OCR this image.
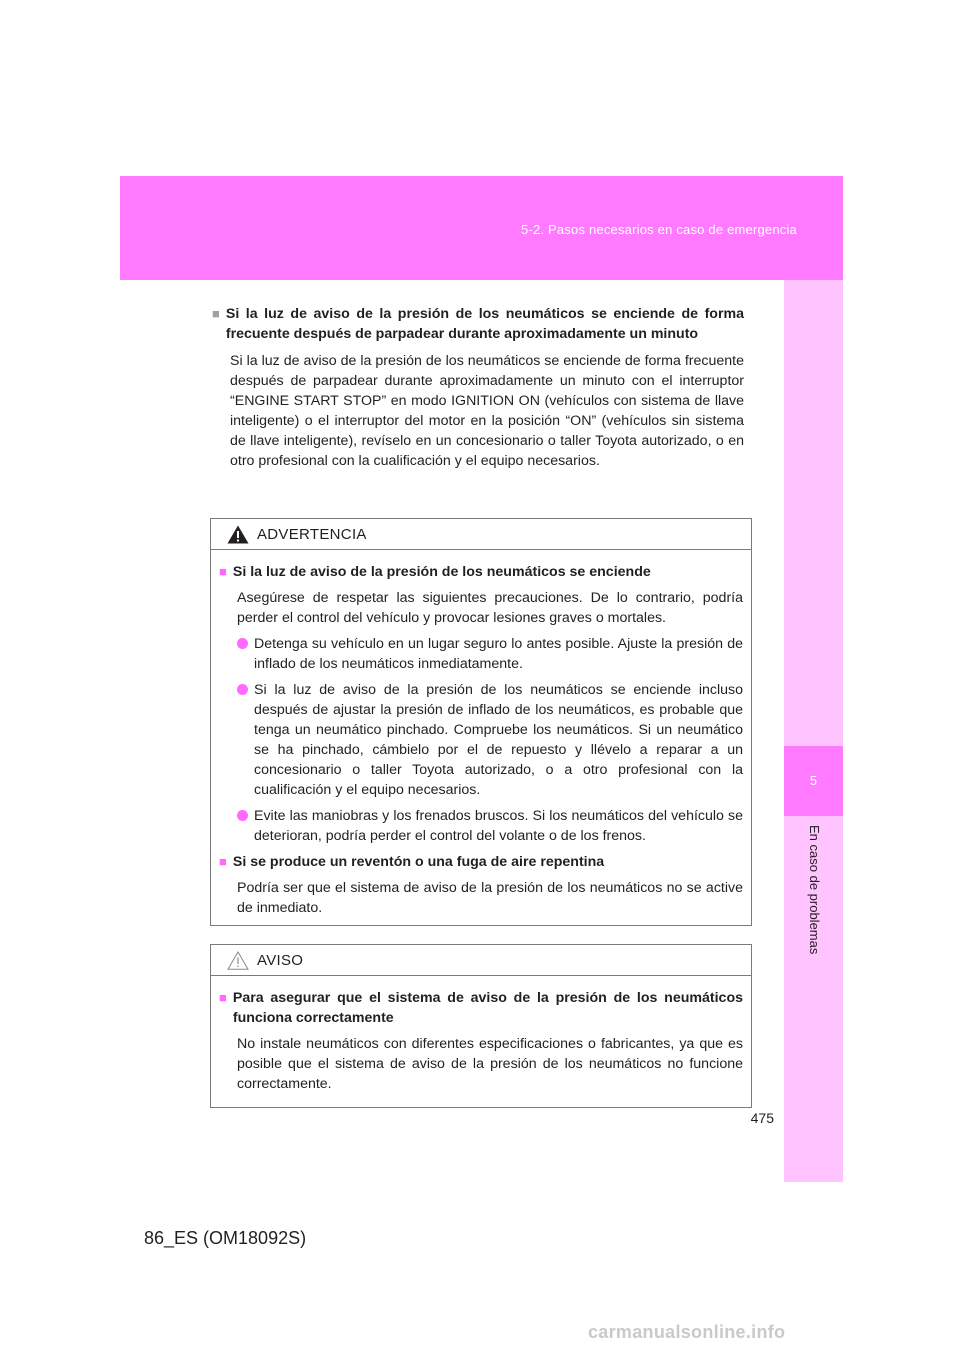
5-2. Pasos necesarios en caso de emergencia
5
En caso de problemas
■ Si la luz de aviso de la presión de los neumáticos se enciende de forma frecuente después de parpadear durante aproximadamente un minuto
Si la luz de aviso de la presión de los neumáticos se enciende de forma frecuente después de parpadear durante aproximadamente un minuto con el interruptor “ENGINE START STOP” en modo IGNITION ON (vehículos con sistema de llave inteligente) o el interruptor del motor en la posición “ON” (vehículos sin sistema de llave inteligente), revíselo en un concesionario o taller Toyota autorizado, o en otro profesional con la cualificación y el equipo necesarios.
ADVERTENCIA
■ Si la luz de aviso de la presión de los neumáticos se enciende
Asegúrese de respetar las siguientes precauciones. De lo contrario, podría perder el control del vehículo y provocar lesiones graves o mortales.
Detenga su vehículo en un lugar seguro lo antes posible. Ajuste la presión de inflado de los neumáticos inmediatamente.
Si la luz de aviso de la presión de los neumáticos se enciende incluso después de ajustar la presión de inflado de los neumáticos, es probable que tenga un neumático pinchado. Compruebe los neumáticos. Si un neumático se ha pinchado, cámbielo por el de repuesto y llévelo a reparar a un concesionario o taller Toyota autorizado, o a otro profesional con la cualificación y el equipo necesarios.
Evite las maniobras y los frenados bruscos. Si los neumáticos del vehículo se deterioran, podría perder el control del volante o de los frenos.
■ Si se produce un reventón o una fuga de aire repentina
Podría ser que el sistema de aviso de la presión de los neumáticos no se active de inmediato.
AVISO
■ Para asegurar que el sistema de aviso de la presión de los neumáticos funciona correctamente
No instale neumáticos con diferentes especificaciones o fabricantes, ya que es posible que el sistema de aviso de la presión de los neumáticos no funcione correctamente.
475
86_ES (OM18092S)
carmanualsonline.info
